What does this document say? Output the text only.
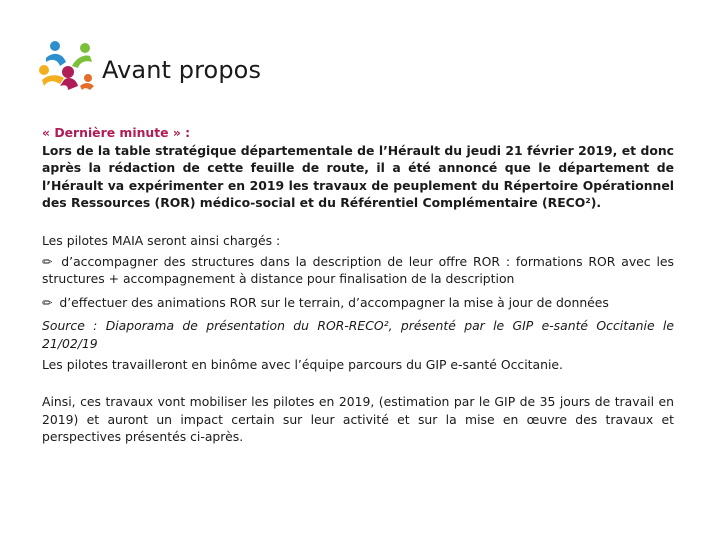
Avant propos

« Dernière minute » :

Lors de la table stratégique départementale de l’Hérault du jeudi 21 février 2019, et donc après la rédaction de cette feuille de route, il a été annoncé que le département de l’Hérault va expérimenter en 2019 les travaux de peuplement du Répertoire Opérationnel des Ressources (ROR) médico-social et du Référentiel Complémentaire (RECO²).

Les pilotes MAIA seront ainsi chargés :

✏ d’accompagner des structures dans la description de leur offre ROR : formations ROR avec les structures + accompagnement à distance pour finalisation de la description

✏ d’effectuer des animations ROR sur le terrain, d’accompagner la mise à jour de données

Source : Diaporama de présentation du ROR-RECO², présenté par le GIP e-santé Occitanie le 21/02/19

Les pilotes travailleront en binôme avec l’équipe parcours du GIP e-santé Occitanie.

Ainsi, ces travaux vont mobiliser les pilotes en 2019, (estimation par le GIP de 35 jours de travail en 2019) et auront un impact certain sur leur activité et sur la mise en œuvre des travaux et perspectives présentés ci-après.
